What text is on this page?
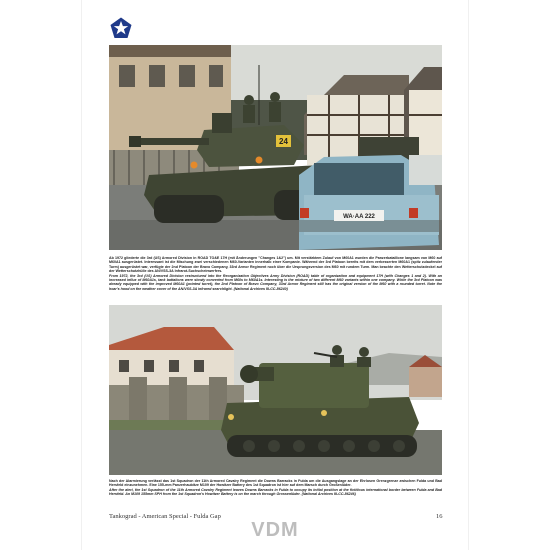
24
WA·AA 222

Ab 1972 gliederte die 3rd (US) Armored Division in ROAD TO&E 17H (mit Änderungen "Changes 1&2") um. Mit verstärktem Zulauf von M60A1 wurden die Panzerbataillone langsam von M60 auf M60A1 ausgerüstet. Interessant ist die Mischung zwei verschiedenen M60-Varianten innerhalb einer Kompanie. Während der 3rd Platoon bereits mit dem verbesserten M60A1 (spitz zulaufender Turm) ausgerüstet war, verfügte der 2nd Platoon der Bravo Company, 33rd Armor Regiment noch über die Ursprungsversion des M60 mit rundem Turm. Man beachte den Wetterschutzdeckel auf der Wetterschutzhülle des AN/VSS-3A Infrarot-Suchscheinwerfers.

From 1972, the 3rd (US) Armored Division restructured into the Reorganization Objectives Army Division (ROAD) table of organization and equipment 17H (with Changes 1 and 2). With an increased influx of M60A1s, tank battalions were slowly converted from M60s to M60A1s. Interesting is the mixture of two different M60 variants within one company. While the 3rd Platoon was already equipped with the improved M60A1 (pointed turret), the 2nd Platoon of Bravo Company, 33rd Armor Regiment still has the original version of the M60 with a rounded turret. Note the hoar's hood on the weather cover of the AN/VSS-3A infrared searchlight. (National Archives III-CC-86240)

Nach der Alarmierung verlässt das 1st Squadron der 11th Armored Cavalry Regiment die Downs Barracks in Fulda um die Ausgangslage an der Ehrlosen Grenzgrenze zwischen Fulda und Bad Hersfeld einzunehmen. Eine 155-mm Panzerhaubitze M109 der Howitzer Battery des 1st Squadron ist hier auf dem Marsch durch Großenlüder.

After the alert, the 1st Squadron of the 11th Armored Cavalry Regiment leaves Downs Barracks in Fulda to occupy its initial position at the fictitious international border between Fulda and Bad Hersfeld. An M109 155mm SPH from the 1st Squadron's Howitzer Battery is on the march through Grossenlüder. (National Archives III-CC-86246)

Tankograd - American Special - Fulda Gap	16
VDM
